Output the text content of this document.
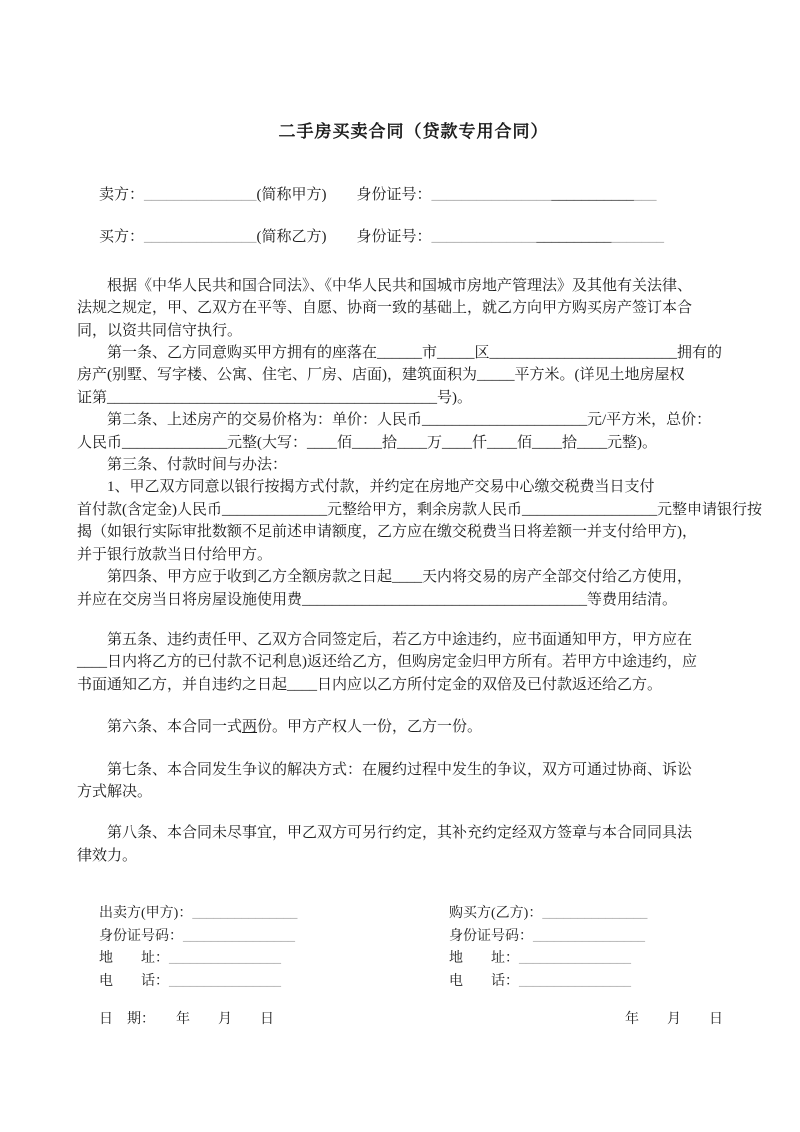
二手房买卖合同（贷款专用合同）

卖方：_______________(简称甲方)　　 身份证号：______________________________

买方：_______________(简称乙方)　　 身份证号：_______________________________

根据《中华人民共和国合同法》、《中华人民共和国城市房地产管理法》及其他有关法律、

法规之规定，甲、乙双方在平等、自愿、协商一致的基础上，就乙方向甲方购买房产签订本合

同，以资共同信守执行。

第一条、乙方同意购买甲方拥有的座落在______市_____区_________________________拥有的

房产(别墅、写字楼、公寓、住宅、厂房、店面)，建筑面积为_____平方米。(详见土地房屋权

证第____________________________________________号)。

第二条、上述房产的交易价格为：单价：人民币______________________元/平方米，总价：

人民币______________元整(大写：____佰____拾____万____仟____佰____拾____元整)。

第三条、付款时间与办法：

1、甲乙双方同意以银行按揭方式付款，并约定在房地产交易中心缴交税费当日支付

首付款(含定金)人民币______________元整给甲方，剩余房款人民币__________________元整申请银行按

揭（如银行实际审批数额不足前述申请额度，乙方应在缴交税费当日将差额一并支付给甲方)，

并于银行放款当日付给甲方。

第四条、甲方应于收到乙方全额房款之日起____天内将交易的房产全部交付给乙方使用，

并应在交房当日将房屋设施使用费______________________________________等费用结清。

第五条、违约责任甲、乙双方合同签定后，若乙方中途违约，应书面通知甲方，甲方应在

____日内将乙方的已付款不记利息)返还给乙方，但购房定金归甲方所有。若甲方中途违约，应

书面通知乙方，并自违约之日起____日内应以乙方所付定金的双倍及已付款返还给乙方。

第六条、本合同一式两份。甲方产权人一份，乙方一份。

第七条、本合同发生争议的解决方式：在履约过程中发生的争议，双方可通过协商、诉讼

方式解决。

第八条、本合同未尽事宜，甲乙双方可另行约定，其补充约定经双方签章与本合同同具法

律效力。

出卖方(甲方)：_______________

身份证号码：________________

地　　址：________________

电　　话：________________

购买方(乙方)：_______________

身份证号码：________________

地　　址：________________

电　　话：________________

日　期：　　年　　月　　日	年　　月　　日
